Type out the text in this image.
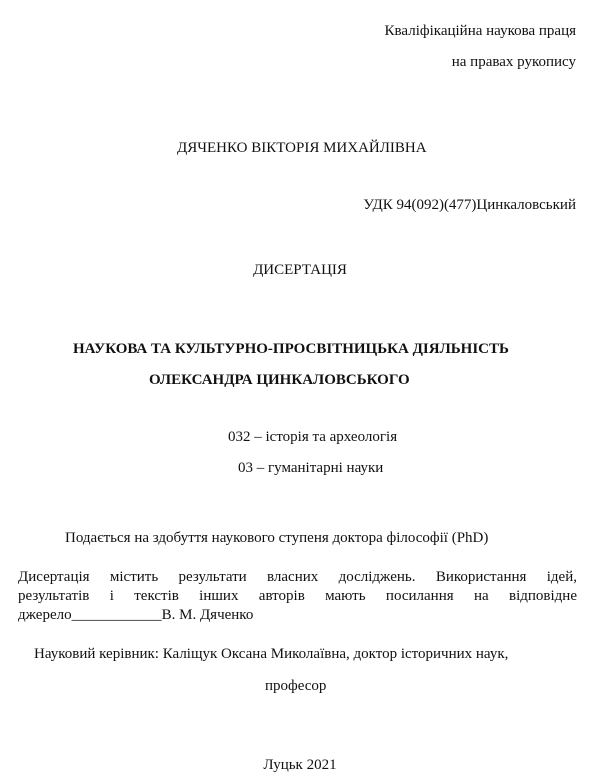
Кваліфікаційна наукова праця
на правах рукопису
ДЯЧЕНКО ВІКТОРІЯ МИХАЙЛІВНА
УДК 94(092)(477)Цинкаловський
ДИСЕРТАЦІЯ
НАУКОВА ТА КУЛЬТУРНО-ПРОСВІТНИЦЬКА ДІЯЛЬНІСТЬ
ОЛЕКСАНДРА ЦИНКАЛОВСЬКОГО
032 – історія та археологія
03 – гуманітарні науки
Подається на здобуття наукового ступеня доктора філософії (PhD)
Дисертація містить результати власних досліджень. Використання ідей,
результатів і текстів інших авторів мають посилання на відповідне
джерело____________В. М. Дяченко
Науковий керівник: Каліщук Оксана Миколаївна, доктор історичних наук,
професор
Луцьк 2021
